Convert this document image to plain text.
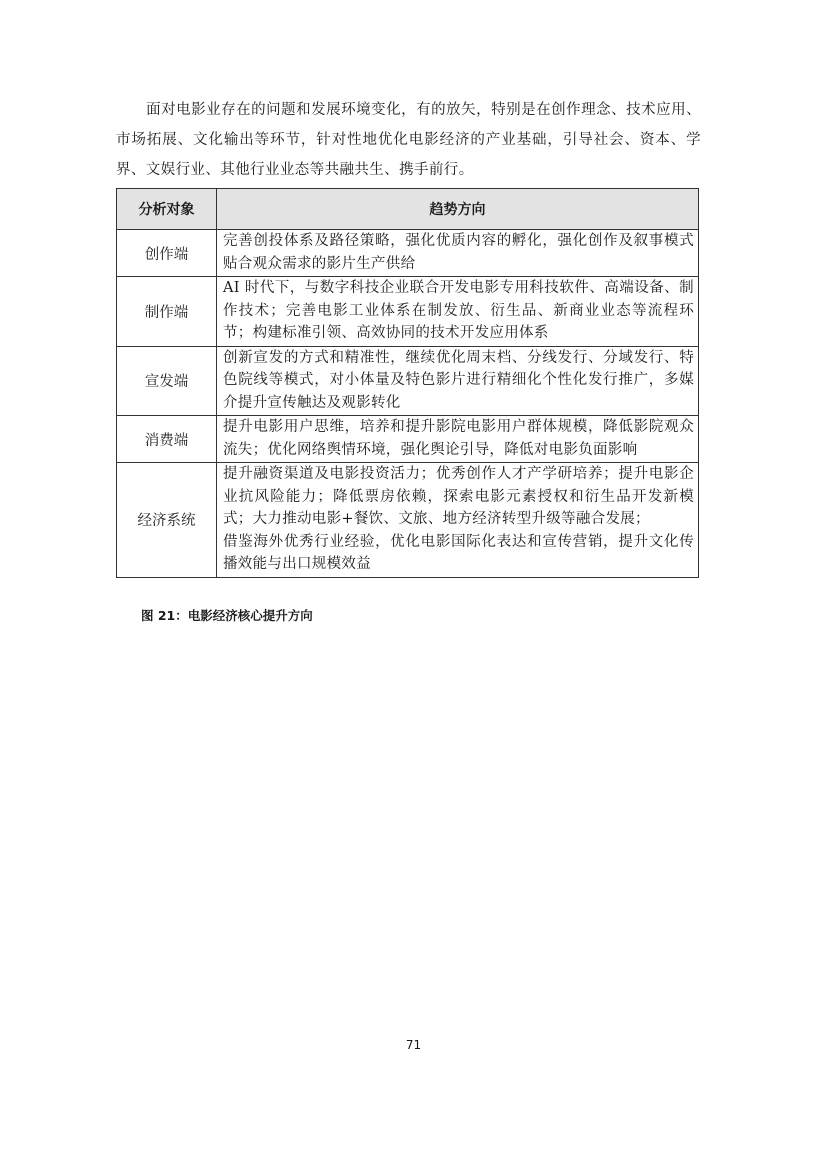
面对电影业存在的问题和发展环境变化，有的放矢，特别是在创作理念、技术应用、市场拓展、文化输出等环节，针对性地优化电影经济的产业基础，引导社会、资本、学界、文娱行业、其他行业业态等共融共生、携手前行。

分析对象	趋势方向
创作端	完善创投体系及路径策略，强化优质内容的孵化，强化创作及叙事模式贴合观众需求的影片生产供给
制作端	AI 时代下，与数字科技企业联合开发电影专用科技软件、高端设备、制作技术；完善电影工业体系在制发放、衍生品、新商业业态等流程环节；构建标准引领、高效协同的技术开发应用体系
宣发端	创新宣发的方式和精准性，继续优化周末档、分线发行、分域发行、特色院线等模式，对小体量及特色影片进行精细化个性化发行推广，多媒介提升宣传触达及观影转化
消费端	提升电影用户思维，培养和提升影院电影用户群体规模，降低影院观众流失；优化网络舆情环境，强化舆论引导，降低对电影负面影响
经济系统	提升融资渠道及电影投资活力；优秀创作人才产学研培养；提升电影企业抗风险能力；降低票房依赖，探索电影元素授权和衍生品开发新模式；大力推动电影+餐饮、文旅、地方经济转型升级等融合发展；
借鉴海外优秀行业经验，优化电影国际化表达和宣传营销，提升文化传播效能与出口规模效益
图 21：电影经济核心提升方向
71
